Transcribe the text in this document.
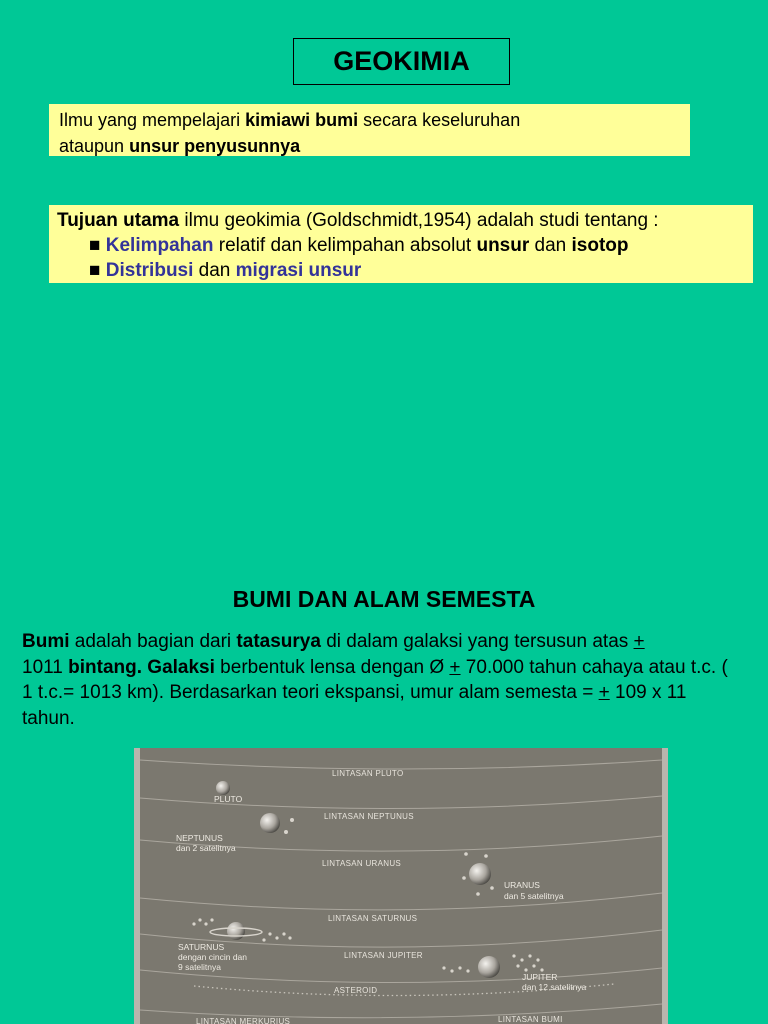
GEOKIMIA
Ilmu yang mempelajari kimiawi bumi secara keseluruhan
ataupun unsur penyusunnya
Tujuan utama ilmu geokimia (Goldschmidt,1954) adalah studi tentang :
■ Kelimpahan relatif dan kelimpahan absolut unsur dan isotop
■ Distribusi dan migrasi unsur
BUMI DAN ALAM SEMESTA
Bumi adalah bagian dari tatasurya di dalam galaksi yang tersusun atas +
1011 bintang. Galaksi berbentuk lensa dengan Ø + 70.000 tahun cahaya atau t.c. ( 1 t.c.= 1013 km). Berdasarkan teori ekspansi, umur alam semesta = + 109 x 11 tahun.
LINTASAN PLUTO
LINTASAN NEPTUNUS
LINTASAN URANUS
LINTASAN SATURNUS
LINTASAN JUPITER
ASTEROID
LINTASAN MERKURIUS	LINTASAN BUMI
PLUTO
NEPTUNUS
dan 2 satelitnya
URANUS
dan 5 satelitnya
SATURNUS
dengan cincin dan
9 satelitnya
JUPITER
dan 12 satelitnya
